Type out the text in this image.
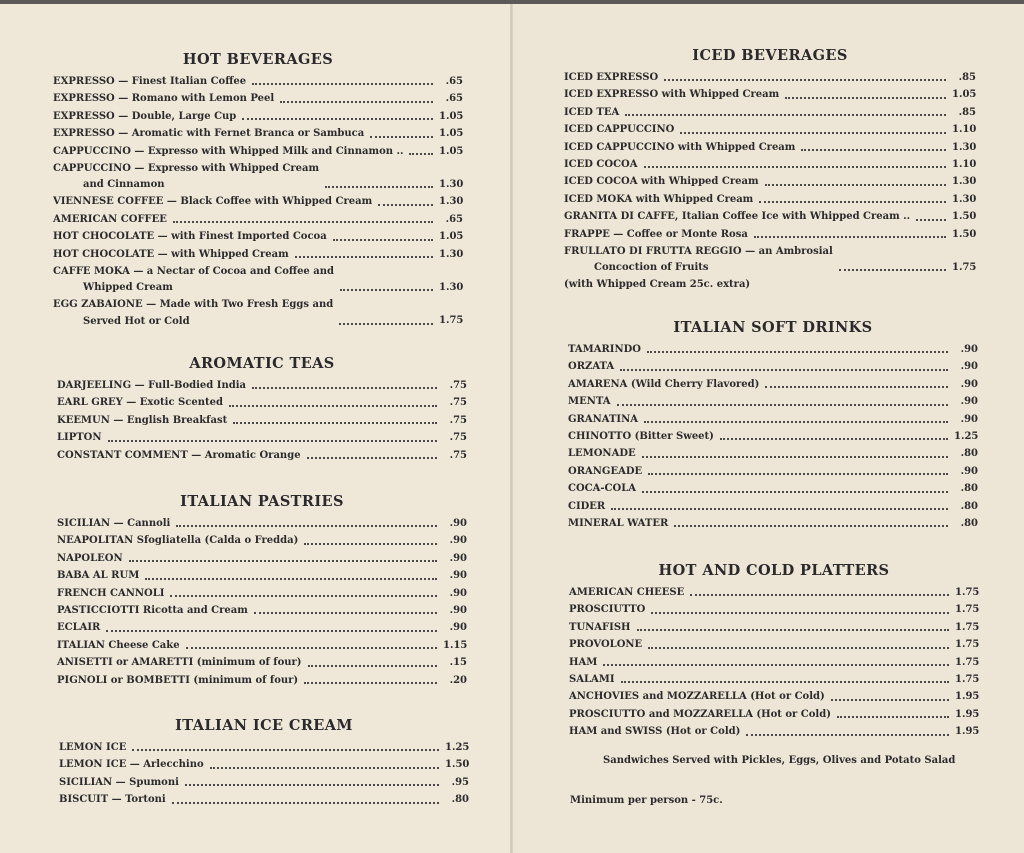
HOT BEVERAGES
EXPRESSO — Finest Italian Coffee	.65
EXPRESSO — Romano with Lemon Peel	.65
EXPRESSO — Double, Large Cup	1.05
EXPRESSO — Aromatic with Fernet Branca or Sambuca	1.05
CAPPUCCINO — Expresso with Whipped Milk and Cinnamon ..	1.05
CAPPUCCINO — Expresso with Whipped Cream
and Cinnamon	1.30
VIENNESE COFFEE — Black Coffee with Whipped Cream	1.30
AMERICAN COFFEE	.65
HOT CHOCOLATE — with Finest Imported Cocoa	1.05
HOT CHOCOLATE — with Whipped Cream	1.30
CAFFE MOKA — a Nectar of Cocoa and Coffee and
Whipped Cream	1.30
EGG ZABAIONE — Made with Two Fresh Eggs and
Served Hot or Cold	1.75
AROMATIC TEAS
DARJEELING — Full-Bodied India	.75
EARL GREY — Exotic Scented	.75
KEEMUN — English Breakfast	.75
LIPTON	.75
CONSTANT COMMENT — Aromatic Orange	.75
ITALIAN PASTRIES
SICILIAN — Cannoli	.90
NEAPOLITAN Sfogliatella (Calda o Fredda)	.90
NAPOLEON	.90
BABA AL RUM	.90
FRENCH CANNOLI	.90
PASTICCIOTTI Ricotta and Cream	.90
ECLAIR	.90
ITALIAN Cheese Cake	1.15
ANISETTI or AMARETTI (minimum of four)	.15
PIGNOLI or BOMBETTI (minimum of four)	.20
ITALIAN ICE CREAM
LEMON ICE	1.25
LEMON ICE — Arlecchino	1.50
SICILIAN — Spumoni	.95
BISCUIT — Tortoni	.80
ICED BEVERAGES
ICED EXPRESSO	.85
ICED EXPRESSO with Whipped Cream	1.05
ICED TEA	.85
ICED CAPPUCCINO	1.10
ICED CAPPUCCINO with Whipped Cream	1.30
ICED COCOA	1.10
ICED COCOA with Whipped Cream	1.30
ICED MOKA with Whipped Cream	1.30
GRANITA DI CAFFE, Italian Coffee Ice with Whipped Cream ..	1.50
FRAPPE — Coffee or Monte Rosa	1.50
FRULLATO DI FRUTTA REGGIO — an Ambrosial
Concoction of Fruits	1.75
(with Whipped Cream 25c. extra)
ITALIAN SOFT DRINKS
TAMARINDO	.90
ORZATA	.90
AMARENA (Wild Cherry Flavored)	.90
MENTA	.90
GRANATINA	.90
CHINOTTO (Bitter Sweet)	1.25
LEMONADE	.80
ORANGEADE	.90
COCA-COLA	.80
CIDER	.80
MINERAL WATER	.80
HOT AND COLD PLATTERS
AMERICAN CHEESE	1.75
PROSCIUTTO	1.75
TUNAFISH	1.75
PROVOLONE	1.75
HAM	1.75
SALAMI	1.75
ANCHOVIES and MOZZARELLA (Hot or Cold)	1.95
PROSCIUTTO and MOZZARELLA (Hot or Cold)	1.95
HAM and SWISS (Hot or Cold)	1.95
Sandwiches Served with Pickles, Eggs, Olives and Potato Salad
Minimum per person - 75c.
